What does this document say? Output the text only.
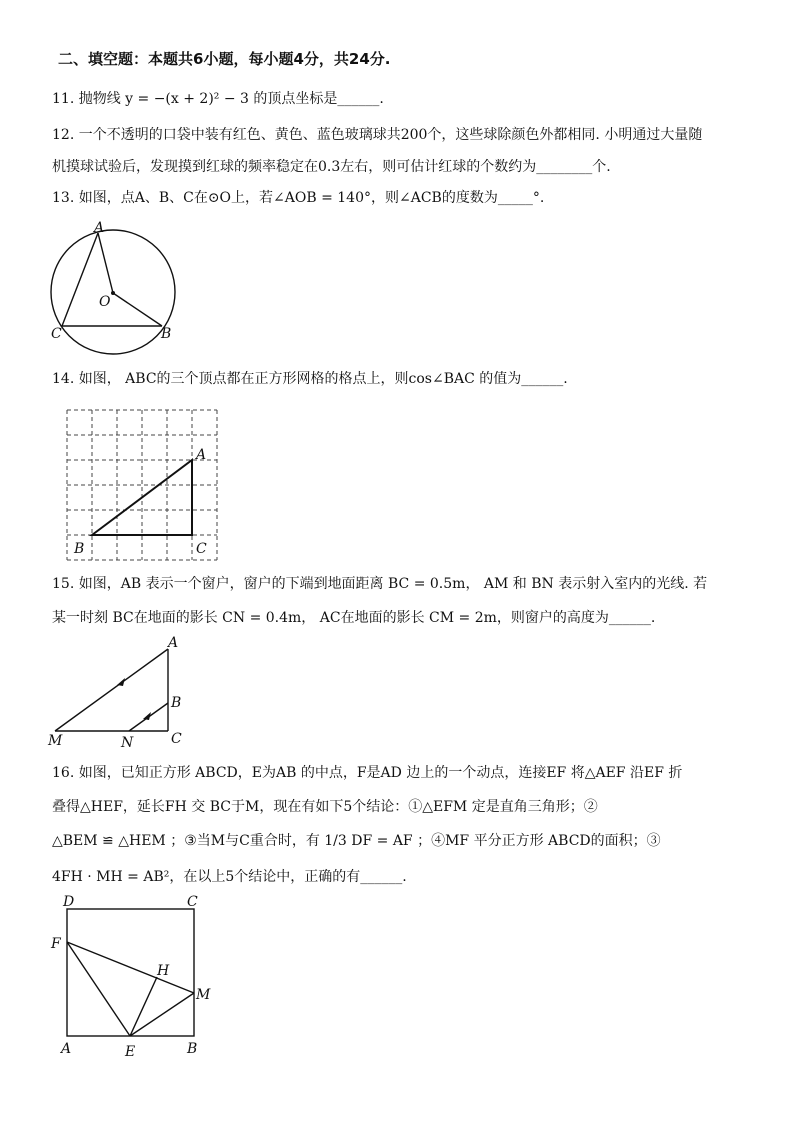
二、填空题：本题共6小题，每小题4分，共24分.
11. 抛物线 y = −(x + 2)² − 3 的顶点坐标是______.
12. 一个不透明的口袋中装有红色、黄色、蓝色玻璃球共200个，这些球除颜色外都相同. 小明通过大量随
机摸球试验后，发现摸到红球的频率稳定在0.3左右，则可估计红球的个数约为________个.
13. 如图，点A、B、C在⊙O上，若∠AOB = 140°，则∠ACB的度数为_____°.
A
O
C	B
14. 如图， ABC的三个顶点都在正方形网格的格点上，则cos∠BAC 的值为______.
A
B	C
15. 如图，AB 表示一个窗户，窗户的下端到地面距离 BC = 0.5m， AM 和 BN 表示射入室内的光线. 若
某一时刻 BC在地面的影长 CN = 0.4m， AC在地面的影长 CM = 2m，则窗户的高度为______.
A
B
C
M	N
16. 如图，已知正方形 ABCD，E为AB 的中点，F是AD 边上的一个动点，连接EF 将△AEF 沿EF 折
叠得△HEF，延长FH 交 BC于M，现在有如下5个结论：①△EFM 定是直角三角形；②
△BEM ≌ △HEM ；③当M与C重合时，有 1/3 DF = AF ；④MF 平分正方形 ABCD的面积；③
4FH · MH = AB²，在以上5个结论中，正确的有______.
D	C
F
H
M
A	E	B
